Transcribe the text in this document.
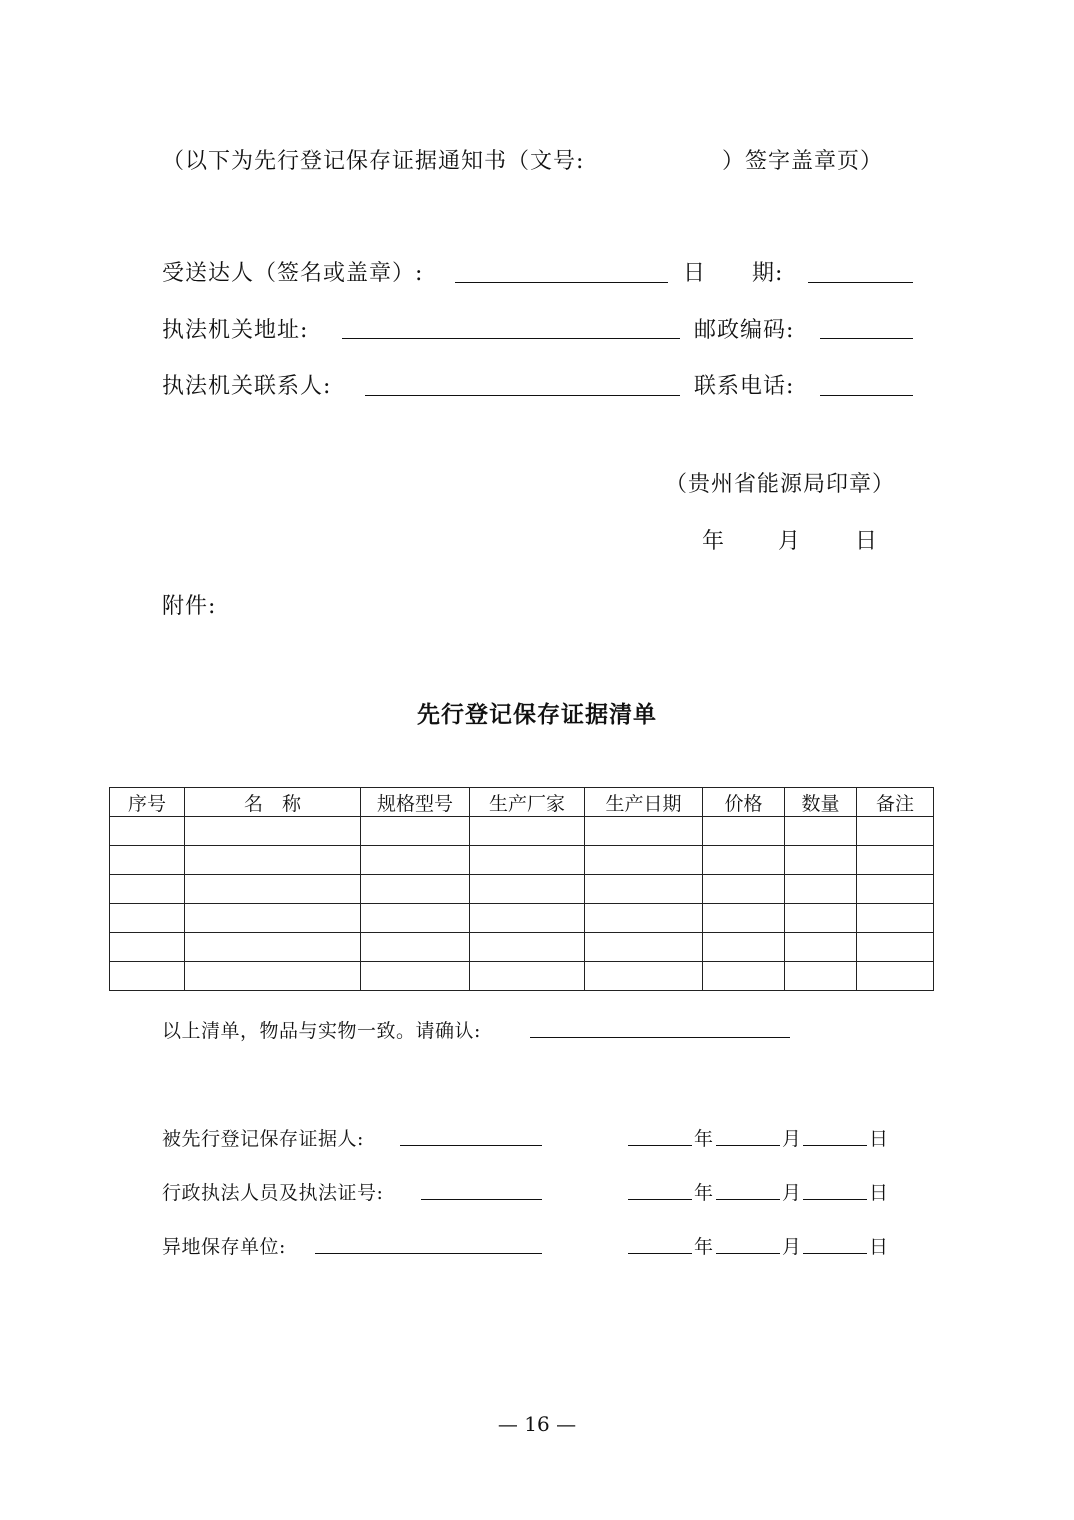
（以下为先行登记保存证据通知书（文号:	）签字盖章页）
受送达人（签名或盖章）:	日　　期:
执法机关地址:	邮政编码:
执法机关联系人:	联系电话:
（贵州省能源局印章）
年 月 日
附件:
先行登记保存证据清单
序号	名　称	规格型号	生产厂家	生产日期	价格	数量	备注

以上清单，物品与实物一致。请确认:
被先行登记保存证据人:	年	月	日
行政执法人员及执法证号:	年	月	日
异地保存单位:	年	月	日
— 16 —
